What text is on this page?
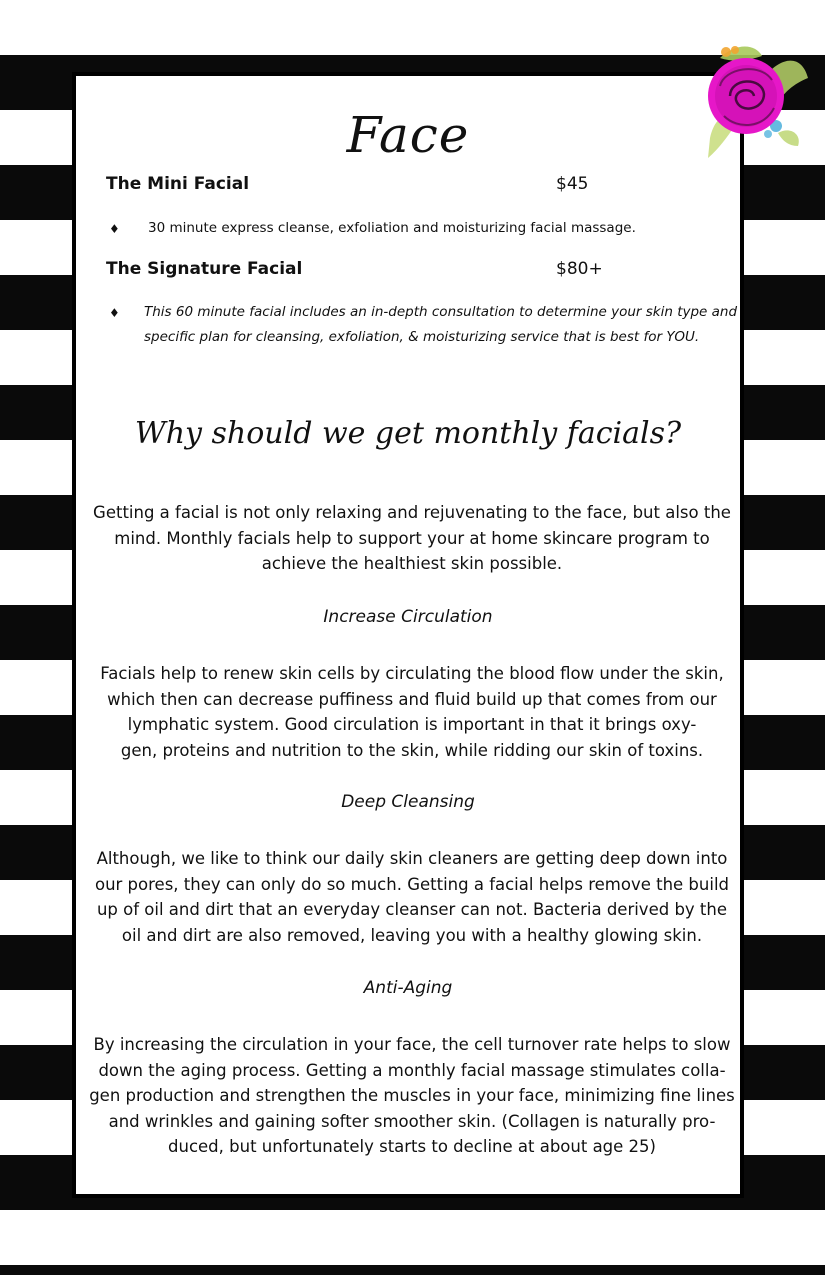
Face
The Mini Facial	$45
♦ 30 minute express cleanse, exfoliation and moisturizing facial massage.
The Signature Facial	$80+
♦ This 60 minute facial includes an in-depth consultation to determine your skin type and
specific plan for cleansing, exfoliation, & moisturizing service that is best for YOU.
Why should we get monthly facials?
Getting a facial is not only relaxing and rejuvenating to the face, but also the
mind. Monthly facials help to support your at home skincare program to
achieve the healthiest skin possible.
Increase Circulation
Facials help to renew skin cells by circulating the blood flow under the skin,
which then can decrease puffiness and fluid build up that comes from our
lymphatic system. Good circulation is important in that it brings oxy-
gen, proteins and nutrition to the skin, while ridding our skin of toxins.
Deep Cleansing
Although, we like to think our daily skin cleaners are getting deep down into
our pores, they can only do so much. Getting a facial helps remove the build
up of oil and dirt that an everyday cleanser can not. Bacteria derived by the
oil and dirt are also removed, leaving you with a healthy glowing skin.
Anti-Aging
By increasing the circulation in your face, the cell turnover rate helps to slow
down the aging process. Getting a monthly facial massage stimulates colla-
gen production and strengthen the muscles in your face, minimizing fine lines
and wrinkles and gaining softer smoother skin. (Collagen is naturally pro-
duced, but unfortunately starts to decline at about age 25)
